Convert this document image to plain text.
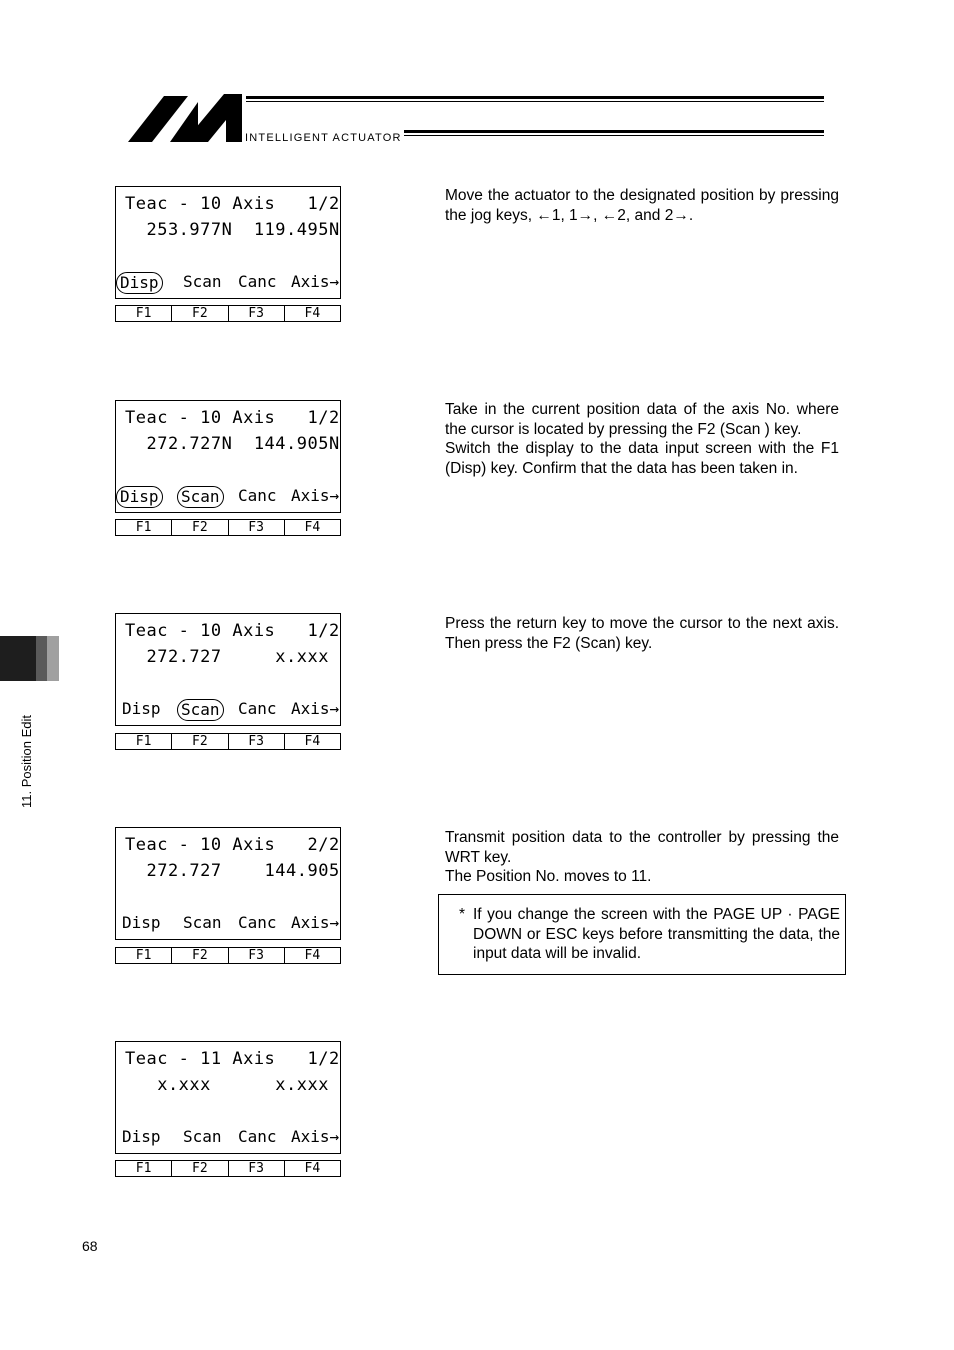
INTELLIGENT ACTUATOR
11. Position Edit
Teac - 10 Axis   1/2
253.977N  119.495N
Disp Scan Canc Axis→
F1	F2	F3	F4
Teac - 10 Axis   1/2
272.727N  144.905N
Disp Scan Canc Axis→
F1	F2	F3	F4
Teac - 10 Axis   1/2
272.727     x.xxx
Disp Scan Canc Axis→
F1	F2	F3	F4
Teac - 10 Axis   2/2
272.727    144.905
Disp Scan Canc Axis→
F1	F2	F3	F4
Teac - 11 Axis   1/2
x.xxx      x.xxx
Disp Scan Canc Axis→
F1	F2	F3	F4

Move the actuator to the designated position by pressing the jog keys, ←1, 1→, ←2, and 2→.

Take in the current position data of the axis No. where the cursor is located by pressing the F2 (Scan ) key.

Switch the display to the data input screen with the F1 (Disp) key. Confirm that the data has been taken in.

Press the return key to move the cursor to the next axis. Then press the F2 (Scan) key.

Transmit position data to the controller by pressing the WRT key.

The Position No. moves to 11.

* If you change the screen with the PAGE UP · PAGE DOWN or ESC keys before transmitting the data, the input data will be invalid.
68
